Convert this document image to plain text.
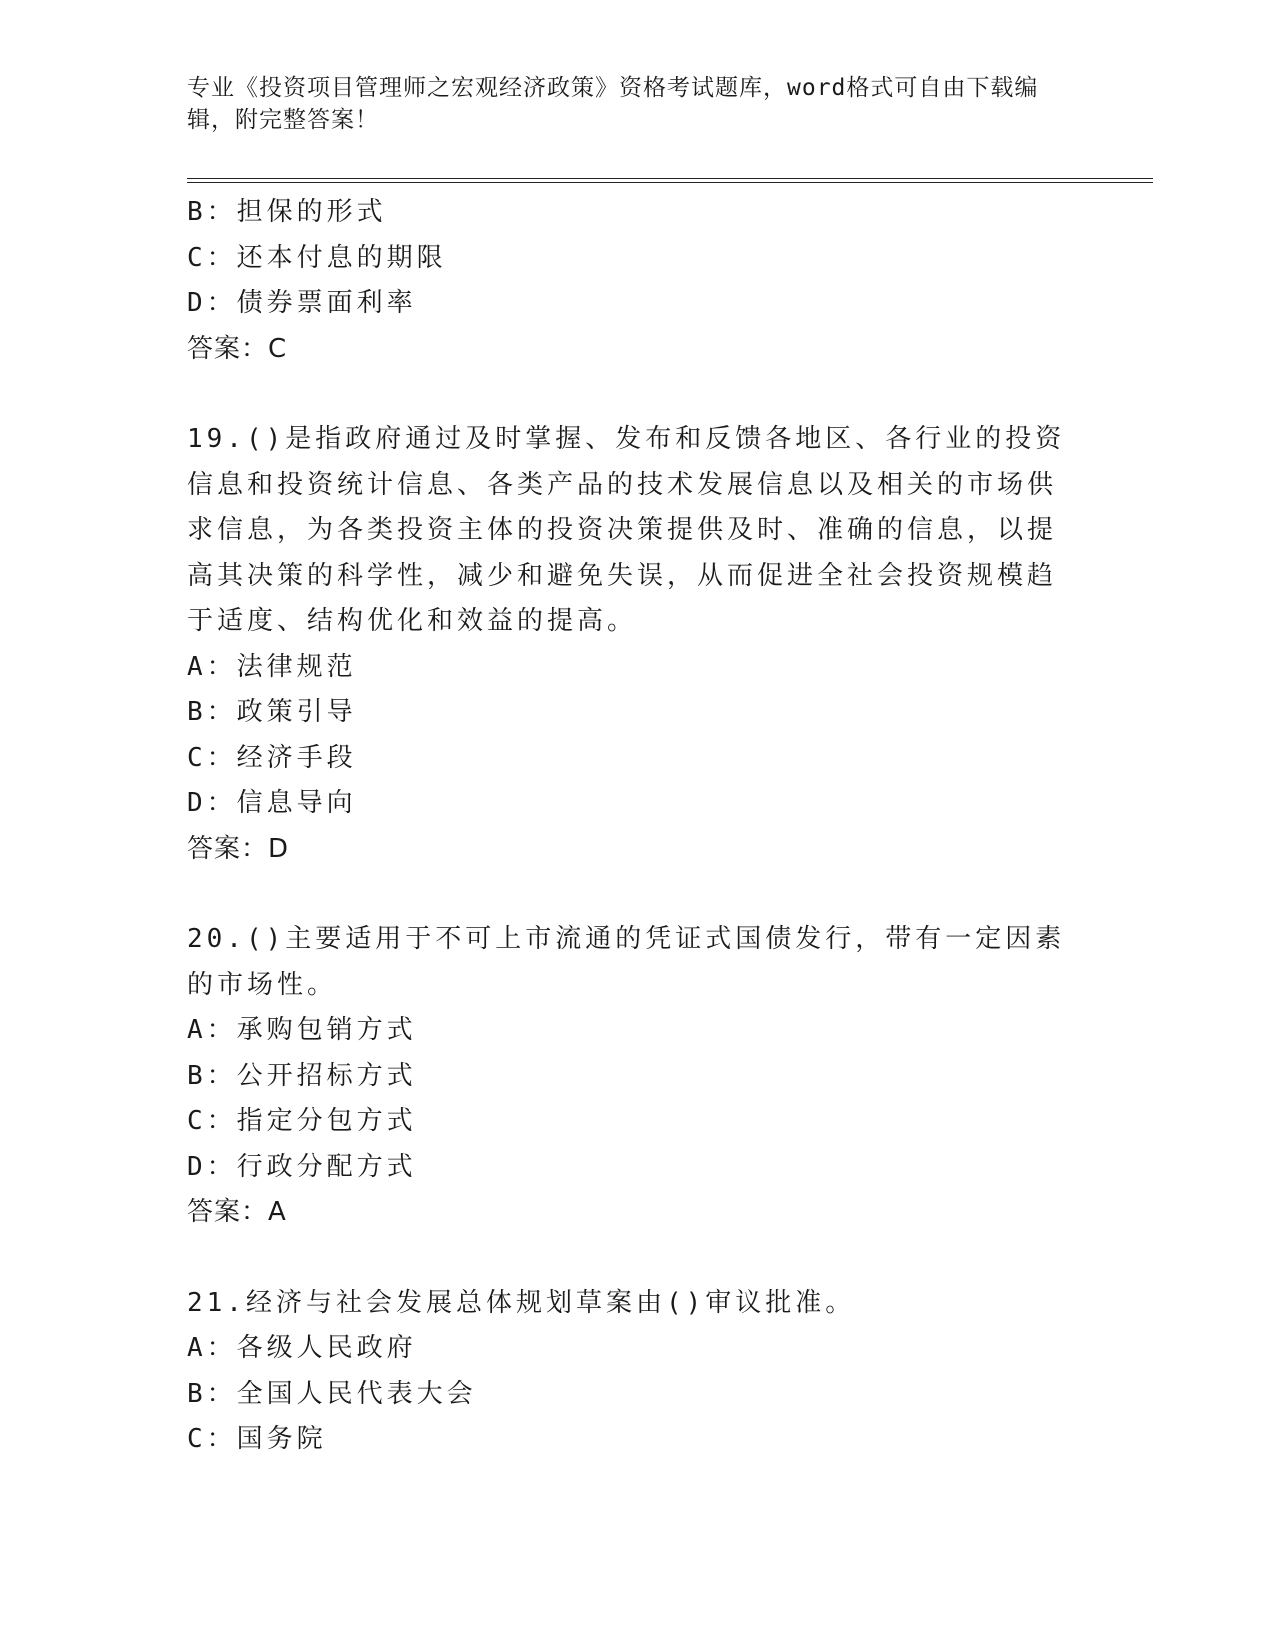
专业《投资项目管理师之宏观经济政策》资格考试题库，word格式可自由下载编辑，附完整答案！
B：担保的形式
C：还本付息的期限
D：债券票面利率
答案：C
19.()是指政府通过及时掌握、发布和反馈各地区、各行业的投资信息和投资统计信息、各类产品的技术发展信息以及相关的市场供求信息，为各类投资主体的投资决策提供及时、准确的信息，以提高其决策的科学性，减少和避免失误，从而促进全社会投资规模趋于适度、结构优化和效益的提高。
A：法律规范
B：政策引导
C：经济手段
D：信息导向
答案：D
20.()主要适用于不可上市流通的凭证式国债发行，带有一定因素的市场性。
A：承购包销方式
B：公开招标方式
C：指定分包方式
D：行政分配方式
答案：A
21.经济与社会发展总体规划草案由()审议批准。
A：各级人民政府
B：全国人民代表大会
C：国务院
